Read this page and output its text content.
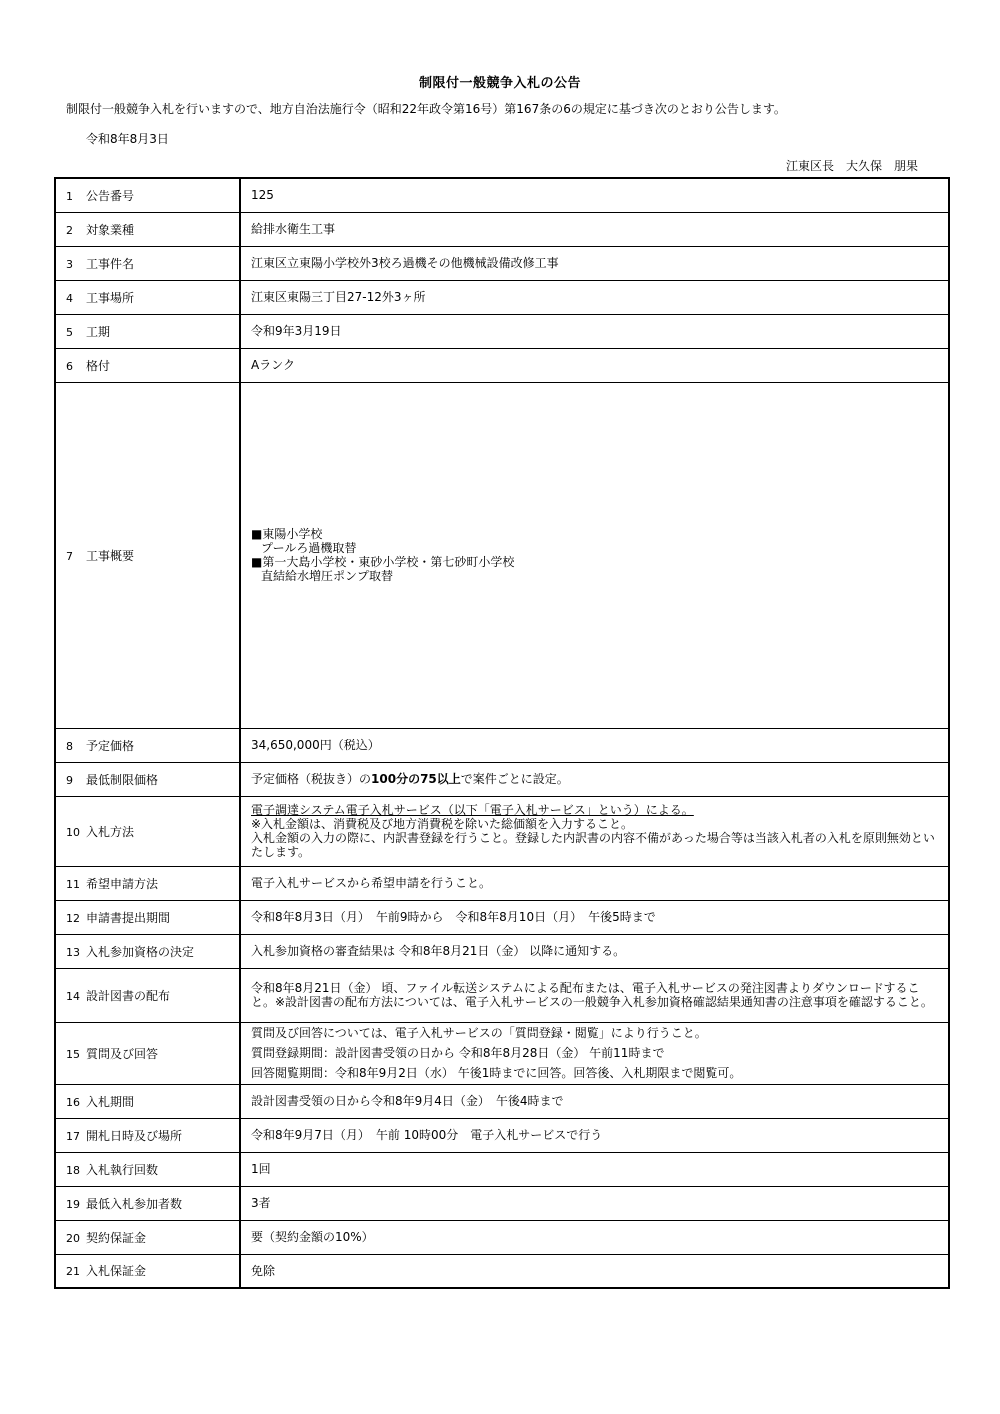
制限付一般競争入札の公告
制限付一般競争入札を行いますので、地方自治法施行令（昭和22年政令第16号）第167条の6の規定に基づき次のとおり公告します。
令和8年8月3日
江東区長　大久保　朋果
1 公告番号	125
2 対象業種	給排水衛生工事
3 工事件名	江東区立東陽小学校外3校ろ過機その他機械設備改修工事
4 工事場所	江東区東陽三丁目27-12外3ヶ所
5 工期	令和9年3月19日
6 格付	Aランク
7 工事概要	■東陽小学校
プールろ過機取替
■第一大島小学校・東砂小学校・第七砂町小学校
直結給水増圧ポンプ取替

8 予定価格	34,650,000円（税込）
9 最低制限価格	予定価格（税抜き）の100分の75以上で案件ごとに設定。
10 入札方法	電子調達システム電子入札サービス（以下「電子入札サービス」という）による。
※入札金額は、消費税及び地方消費税を除いた総価額を入力すること。
入札金額の入力の際に、内訳書登録を行うこと。登録した内訳書の内容不備があった場合等は当該入札者の入札を原則無効といたします。

11 希望申請方法	電子入札サービスから希望申請を行うこと。
12 申請書提出期間	令和8年8月3日（月）　午前9時から　令和8年8月10日（月）　午後5時まで
13 入札参加資格の決定	入札参加資格の審査結果は 令和8年8月21日（金） 以降に通知する。
14 設計図書の配布	令和8年8月21日（金） 頃、ファイル転送システムによる配布または、電子入札サービスの発注図書よりダウンロードすること。※設計図書の配布方法については、電子入札サービスの一般競争入札参加資格確認結果通知書の注意事項を確認すること。
15 質問及び回答	質問及び回答については、電子入札サービスの「質問登録・閲覧」により行うこと。
質問登録期間：設計図書受領の日から 令和8年8月28日（金） 午前11時まで
回答閲覧期間：令和8年9月2日（水） 午後1時までに回答。回答後、入札期限まで閲覧可。

16 入札期間	設計図書受領の日から令和8年9月4日（金）　午後4時まで
17 開札日時及び場所	令和8年9月7日（月）　午前 10時00分　電子入札サービスで行う
18 入札執行回数	1回
19 最低入札参加者数	3者
20 契約保証金	要（契約金額の10%）
21 入札保証金	免除
